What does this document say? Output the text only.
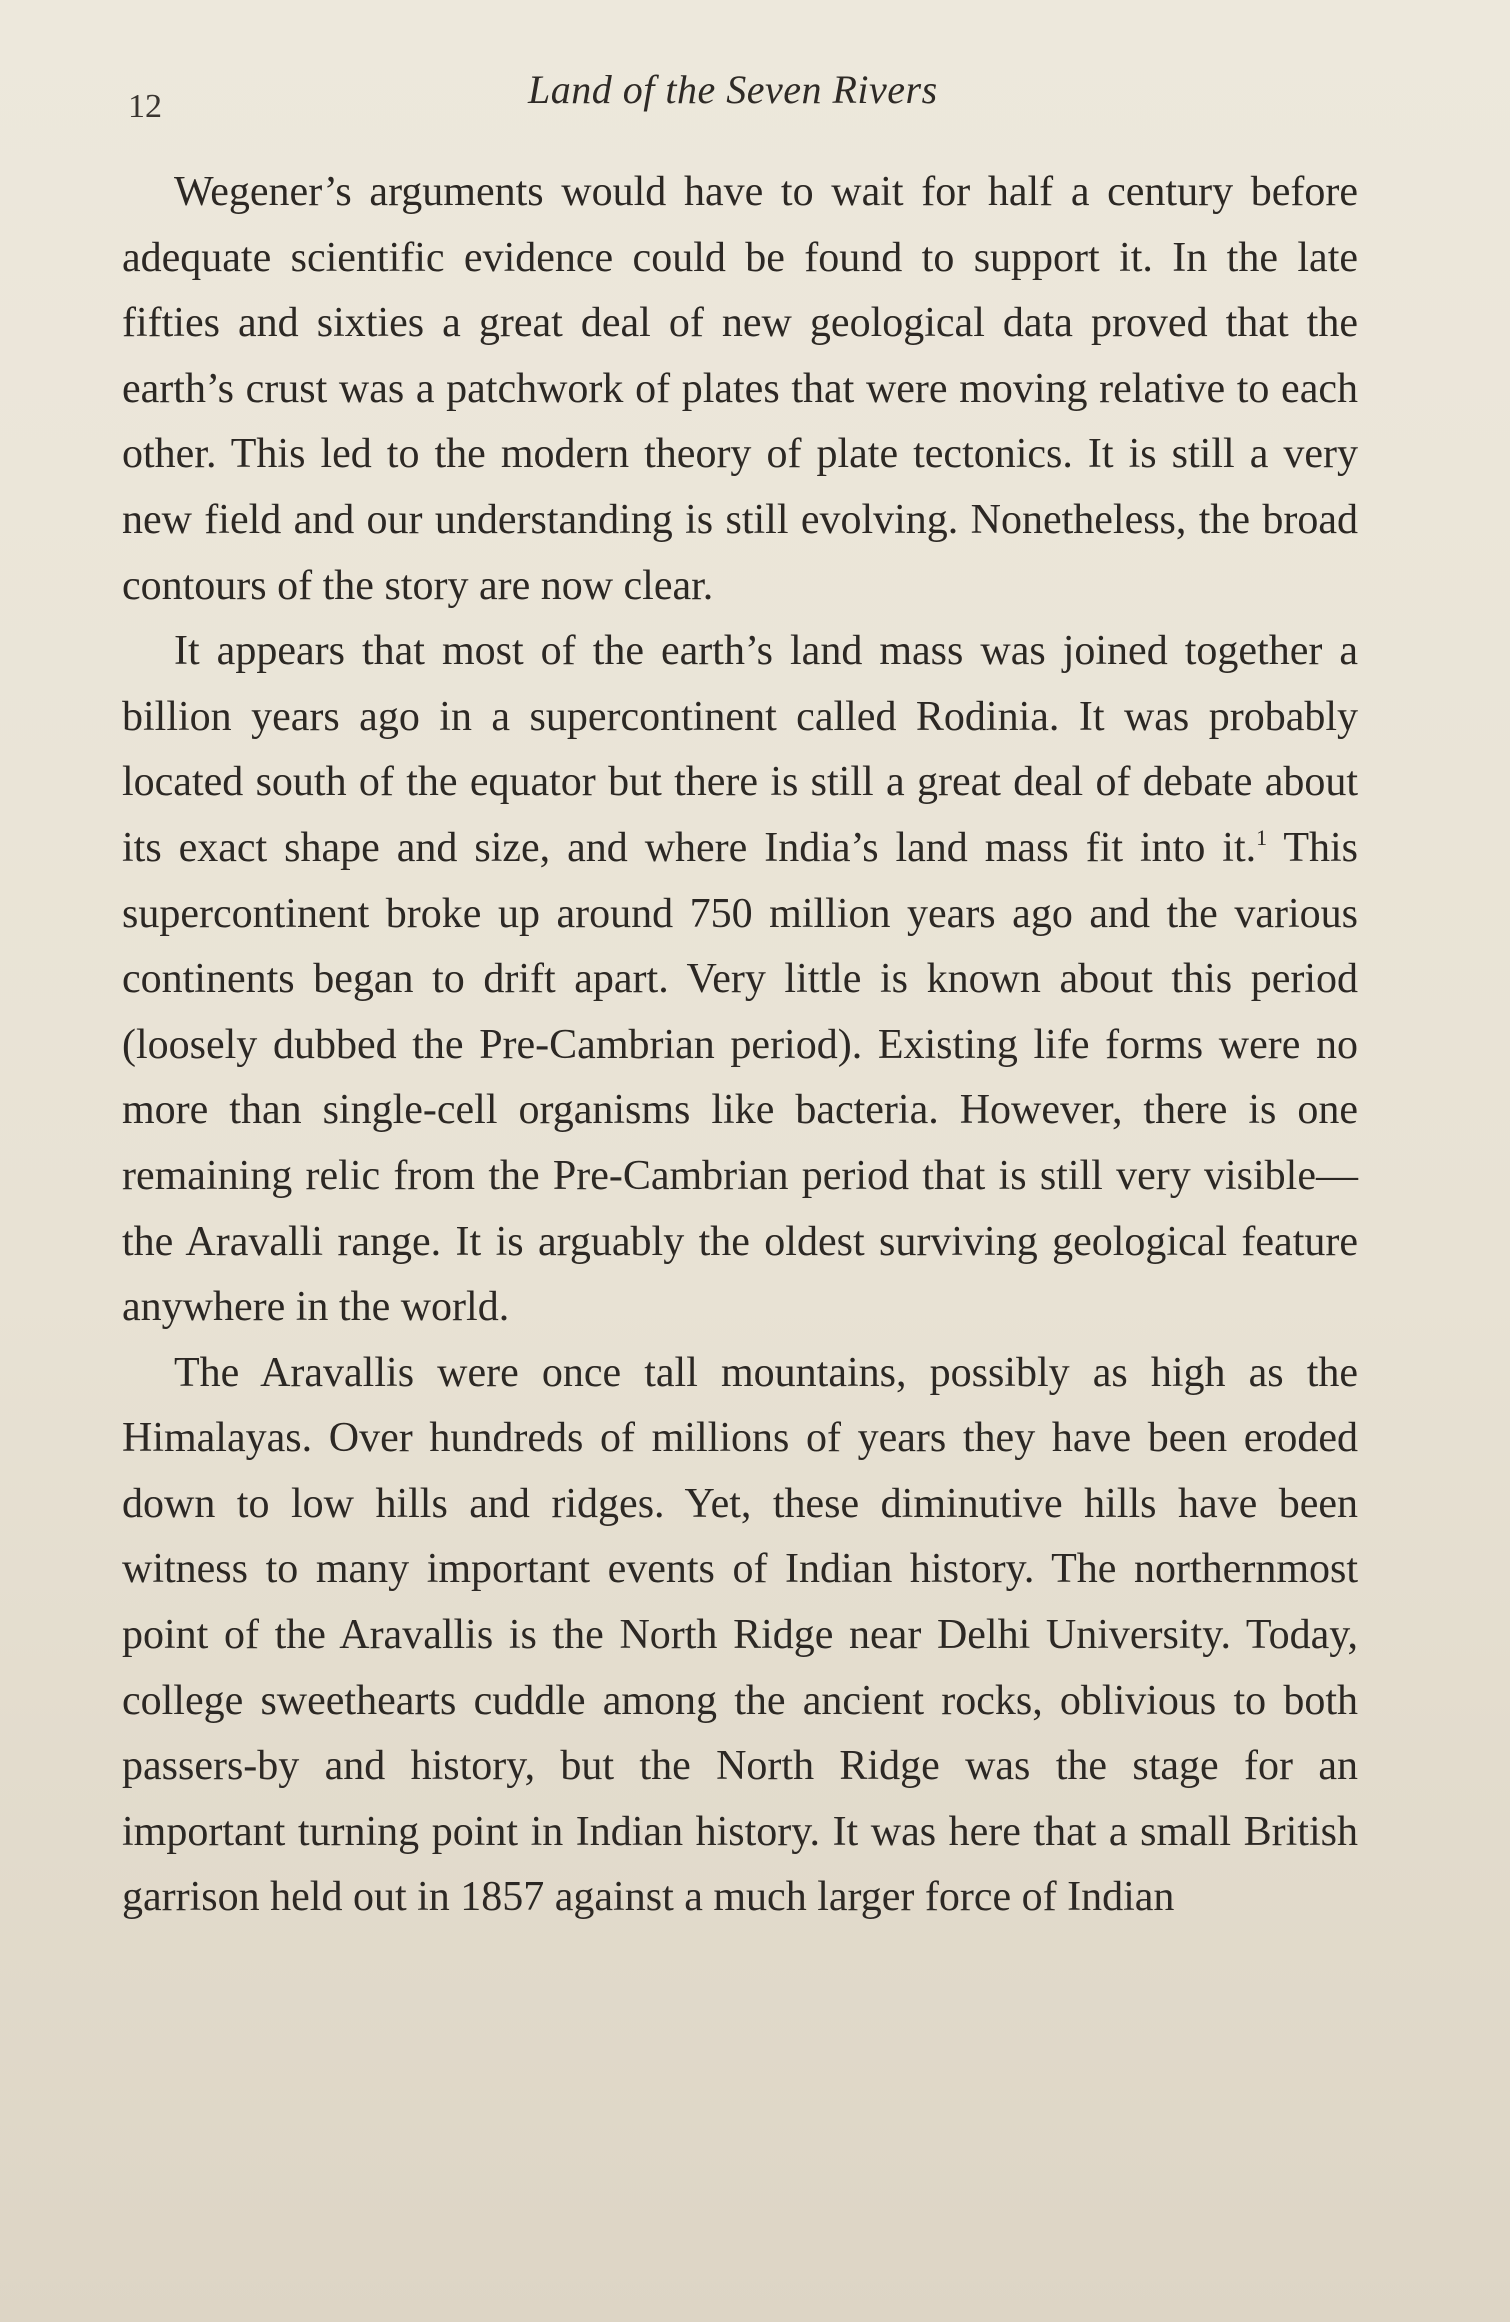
12	Land of the Seven Rivers

Wegener’s arguments would have to wait for half a century before adequate scientific evidence could be found to support it. In the late fifties and sixties a great deal of new geological data proved that the earth’s crust was a patchwork of plates that were moving relative to each other. This led to the modern theory of plate tectonics. It is still a very new field and our understanding is still evolving. Nonetheless, the broad contours of the story are now clear.

It appears that most of the earth’s land mass was joined together a billion years ago in a supercontinent called Rodinia. It was probably located south of the equator but there is still a great deal of debate about its exact shape and size, and where India’s land mass fit into it.$^1$ This supercontinent broke up around 750 million years ago and the various continents began to drift apart. Very little is known about this period (loosely dubbed the Pre-Cambrian period). Existing life forms were no more than single-cell organisms like bacteria. However, there is one remaining relic from the Pre-Cambrian period that is still very visible—the Aravalli range. It is arguably the oldest surviving geological feature anywhere in the world.

The Aravallis were once tall mountains, possibly as high as the Himalayas. Over hundreds of millions of years they have been eroded down to low hills and ridges. Yet, these diminutive hills have been witness to many important events of Indian history. The northernmost point of the Aravallis is the North Ridge near Delhi University. Today, college sweethearts cuddle among the ancient rocks, oblivious to both passers-by and history, but the North Ridge was the stage for an important turning point in Indian history. It was here that a small British garrison held out in 1857 against a much larger force of Indian
